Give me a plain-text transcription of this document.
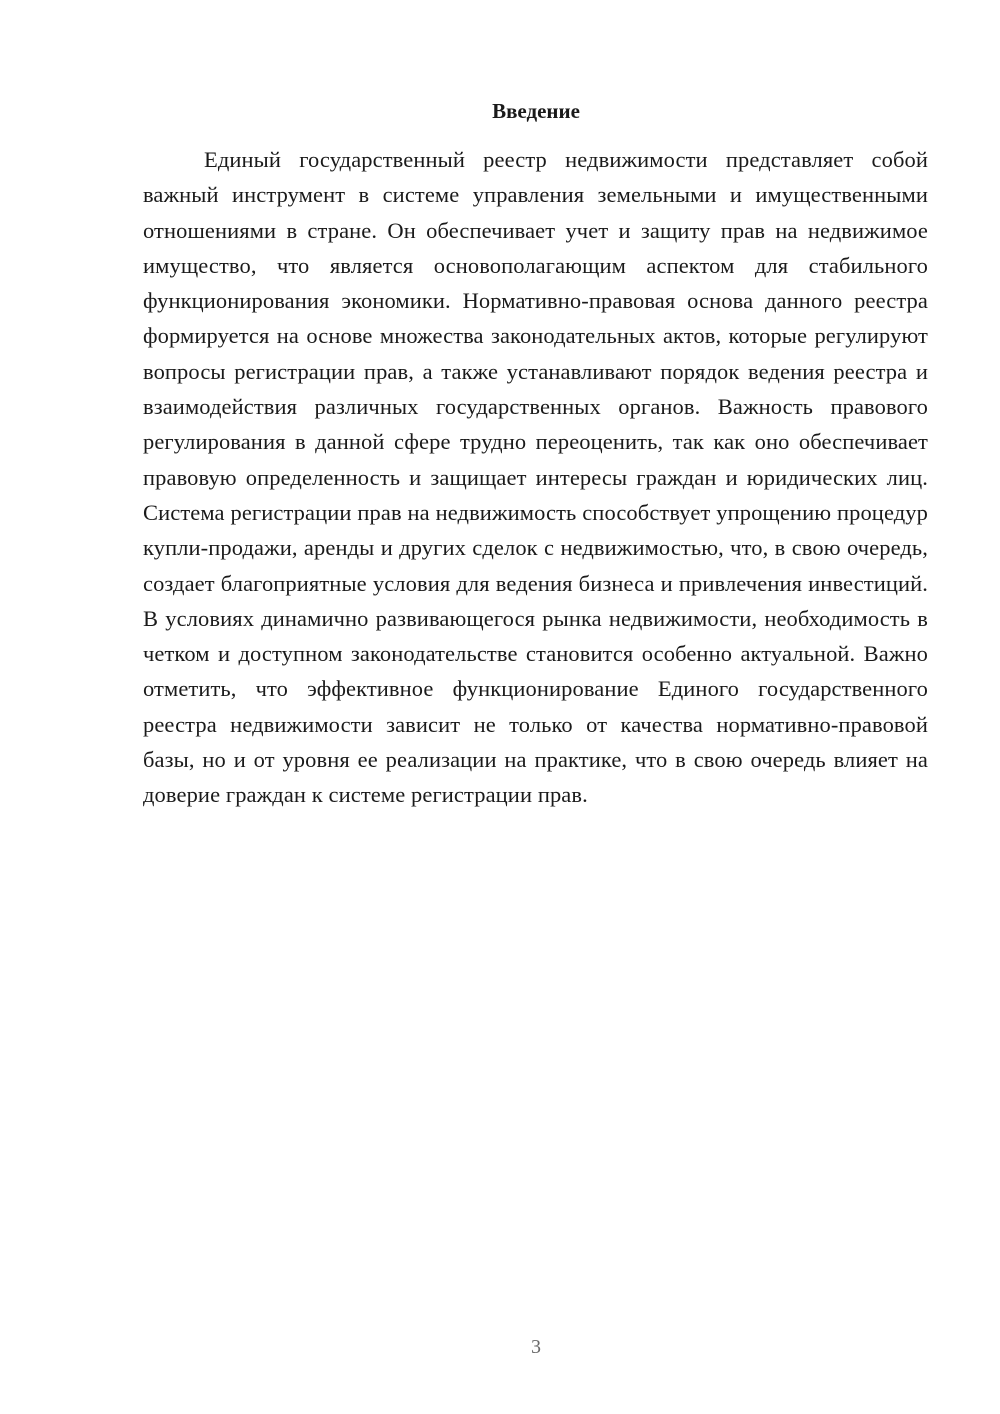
Введение

Единый государственный реестр недвижимости представляет собой важный инструмент в системе управления земельными и имущественными отношениями в стране. Он обеспечивает учет и защиту прав на недвижимое имущество, что является основополагающим аспектом для стабильного функционирования экономики. Нормативно-правовая основа данного реестра формируется на основе множества законодательных актов, которые регулируют вопросы регистрации прав, а также устанавливают порядок ведения реестра и взаимодействия различных государственных органов. Важность правового регулирования в данной сфере трудно переоценить, так как оно обеспечивает правовую определенность и защищает интересы граждан и юридических лиц. Система регистрации прав на недвижимость способствует упрощению процедур купли-продажи, аренды и других сделок с недвижимостью, что, в свою очередь, создает благоприятные условия для ведения бизнеса и привлечения инвестиций. В условиях динамично развивающегося рынка недвижимости, необходимость в четком и доступном законодательстве становится особенно актуальной. Важно отметить, что эффективное функционирование Единого государственного реестра недвижимости зависит не только от качества нормативно-правовой базы, но и от уровня ее реализации на практике, что в свою очередь влияет на доверие граждан к системе регистрации прав.

3
